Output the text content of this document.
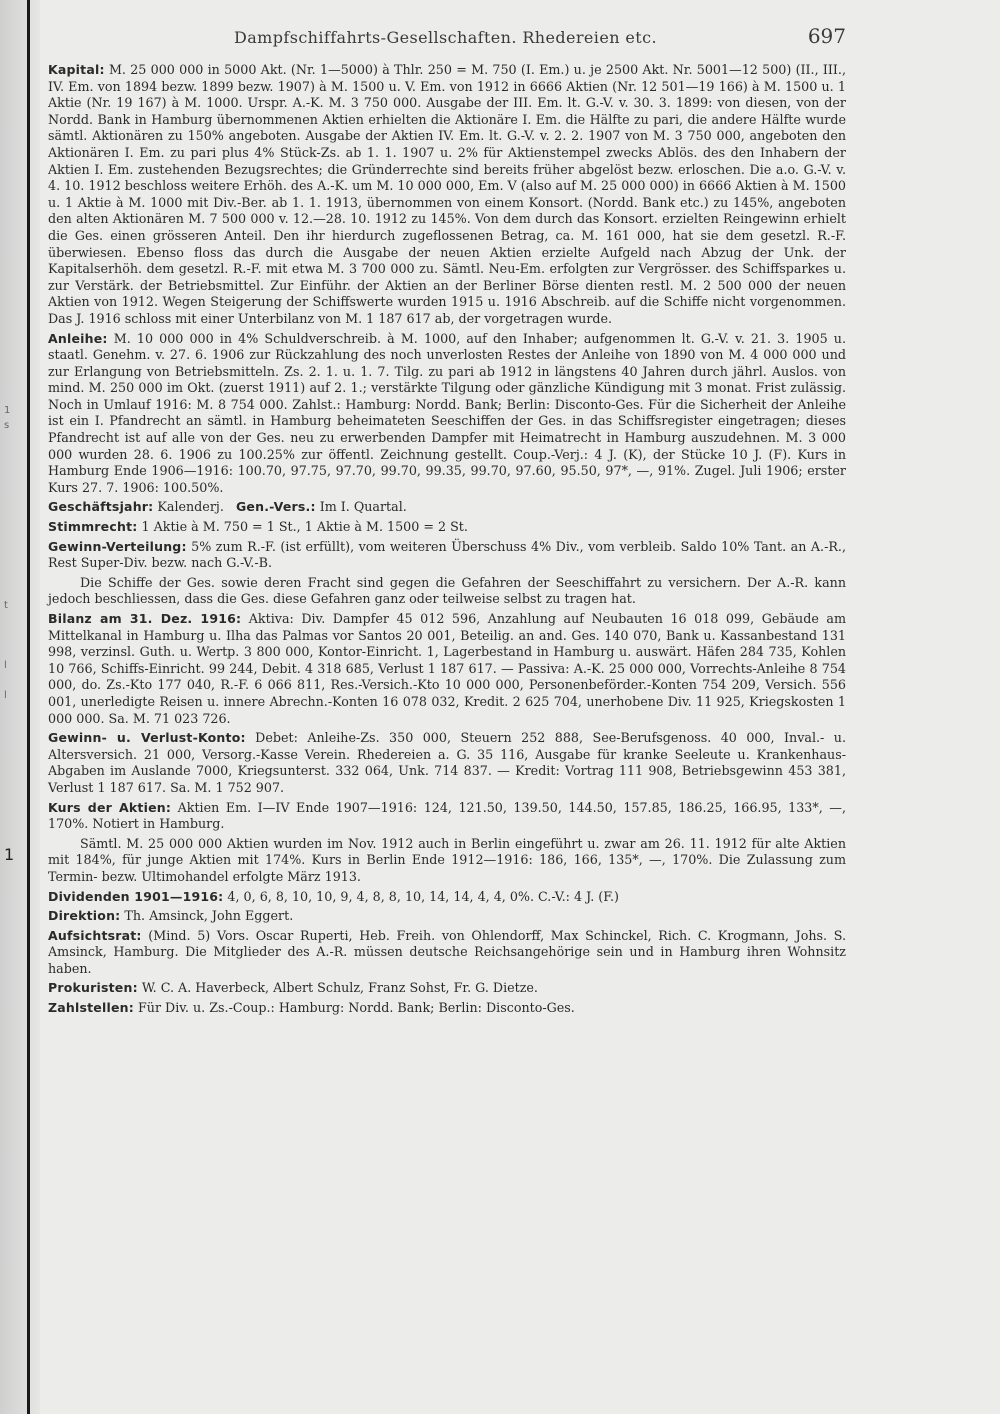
1
s
t
l
l
1
Dampfschiffahrts-Gesellschaften. Rhedereien etc.	697

Kapital: M. 25 000 000 in 5000 Akt. (Nr. 1—5000) à Thlr. 250 = M. 750 (I. Em.) u. je 2500 Akt. Nr. 5001—12 500) (II., III., IV. Em. von 1894 bezw. 1899 bezw. 1907) à M. 1500 u. V. Em. von 1912 in 6666 Aktien (Nr. 12 501—19 166) à M. 1500 u. 1 Aktie (Nr. 19 167) à M. 1000. Urspr. A.-K. M. 3 750 000. Ausgabe der III. Em. lt. G.-V. v. 30. 3. 1899: von diesen, von der Nordd. Bank in Hamburg übernommenen Aktien erhielten die Aktionäre I. Em. die Hälfte zu pari, die andere Hälfte wurde sämtl. Aktionären zu 150% angeboten. Ausgabe der Aktien IV. Em. lt. G.-V. v. 2. 2. 1907 von M. 3 750 000, angeboten den Aktionären I. Em. zu pari plus 4% Stück-Zs. ab 1. 1. 1907 u. 2% für Aktienstempel zwecks Ablös. des den Inhabern der Aktien I. Em. zustehenden Bezugsrechtes; die Gründerrechte sind bereits früher abgelöst bezw. erloschen. Die a.o. G.-V. v. 4. 10. 1912 beschloss weitere Erhöh. des A.-K. um M. 10 000 000, Em. V (also auf M. 25 000 000) in 6666 Aktien à M. 1500 u. 1 Aktie à M. 1000 mit Div.-Ber. ab 1. 1. 1913, übernommen von einem Konsort. (Nordd. Bank etc.) zu 145%, angeboten den alten Aktionären M. 7 500 000 v. 12.—28. 10. 1912 zu 145%. Von dem durch das Konsort. erzielten Reingewinn erhielt die Ges. einen grösseren Anteil. Den ihr hierdurch zugeflossenen Betrag, ca. M. 161 000, hat sie dem gesetzl. R.-F. überwiesen. Ebenso floss das durch die Ausgabe der neuen Aktien erzielte Aufgeld nach Abzug der Unk. der Kapitalserhöh. dem gesetzl. R.-F. mit etwa M. 3 700 000 zu. Sämtl. Neu-Em. erfolgten zur Vergrösser. des Schiffsparkes u. zur Verstärk. der Betriebsmittel. Zur Einführ. der Aktien an der Berliner Börse dienten restl. M. 2 500 000 der neuen Aktien von 1912. Wegen Steigerung der Schiffswerte wurden 1915 u. 1916 Abschreib. auf die Schiffe nicht vorgenommen. Das J. 1916 schloss mit einer Unterbilanz von M. 1 187 617 ab, der vorgetragen wurde.

Anleihe: M. 10 000 000 in 4% Schuldverschreib. à M. 1000, auf den Inhaber; aufgenommen lt. G.-V. v. 21. 3. 1905 u. staatl. Genehm. v. 27. 6. 1906 zur Rückzahlung des noch unverlosten Restes der Anleihe von 1890 von M. 4 000 000 und zur Erlangung von Betriebsmitteln. Zs. 2. 1. u. 1. 7. Tilg. zu pari ab 1912 in längstens 40 Jahren durch jährl. Auslos. von mind. M. 250 000 im Okt. (zuerst 1911) auf 2. 1.; verstärkte Tilgung oder gänzliche Kündigung mit 3 monat. Frist zulässig. Noch in Umlauf 1916: M. 8 754 000. Zahlst.: Hamburg: Nordd. Bank; Berlin: Disconto-Ges. Für die Sicherheit der Anleihe ist ein I. Pfandrecht an sämtl. in Hamburg beheimateten Seeschiffen der Ges. in das Schiffsregister eingetragen; dieses Pfandrecht ist auf alle von der Ges. neu zu erwerbenden Dampfer mit Heimatrecht in Hamburg auszudehnen. M. 3 000 000 wurden 28. 6. 1906 zu 100.25% zur öffentl. Zeichnung gestellt. Coup.-Verj.: 4 J. (K), der Stücke 10 J. (F). Kurs in Hamburg Ende 1906—1916: 100.70, 97.75, 97.70, 99.70, 99.35, 99.70, 97.60, 95.50, 97*, —, 91%. Zugel. Juli 1906; erster Kurs 27. 7. 1906: 100.50%.

Geschäftsjahr: Kalenderj. Gen.-Vers.: Im I. Quartal.

Stimmrecht: 1 Aktie à M. 750 = 1 St., 1 Aktie à M. 1500 = 2 St.

Gewinn-Verteilung: 5% zum R.-F. (ist erfüllt), vom weiteren Überschuss 4% Div., vom verbleib. Saldo 10% Tant. an A.-R., Rest Super-Div. bezw. nach G.-V.-B.

Die Schiffe der Ges. sowie deren Fracht sind gegen die Gefahren der Seeschiffahrt zu versichern. Der A.-R. kann jedoch beschliessen, dass die Ges. diese Gefahren ganz oder teilweise selbst zu tragen hat.

Bilanz am 31. Dez. 1916: Aktiva: Div. Dampfer 45 012 596, Anzahlung auf Neubauten 16 018 099, Gebäude am Mittelkanal in Hamburg u. Ilha das Palmas vor Santos 20 001, Beteilig. an and. Ges. 140 070, Bank u. Kassanbestand 131 998, verzinsl. Guth. u. Wertp. 3 800 000, Kontor-Einricht. 1, Lagerbestand in Hamburg u. auswärt. Häfen 284 735, Kohlen 10 766, Schiffs-Einricht. 99 244, Debit. 4 318 685, Verlust 1 187 617. — Passiva: A.-K. 25 000 000, Vorrechts-Anleihe 8 754 000, do. Zs.-Kto 177 040, R.-F. 6 066 811, Res.-Versich.-Kto 10 000 000, Personenbeförder.-Konten 754 209, Versich. 556 001, unerledigte Reisen u. innere Abrechn.-Konten 16 078 032, Kredit. 2 625 704, unerhobene Div. 11 925, Kriegskosten 1 000 000. Sa. M. 71 023 726.

Gewinn- u. Verlust-Konto: Debet: Anleihe-Zs. 350 000, Steuern 252 888, See-Berufsgenoss. 40 000, Inval.- u. Altersversich. 21 000, Versorg.-Kasse Verein. Rhedereien a. G. 35 116, Ausgabe für kranke Seeleute u. Krankenhaus-Abgaben im Auslande 7000, Kriegsunterst. 332 064, Unk. 714 837. — Kredit: Vortrag 111 908, Betriebsgewinn 453 381, Verlust 1 187 617. Sa. M. 1 752 907.

Kurs der Aktien: Aktien Em. I—IV Ende 1907—1916: 124, 121.50, 139.50, 144.50, 157.85, 186.25, 166.95, 133*, —, 170%. Notiert in Hamburg.

Sämtl. M. 25 000 000 Aktien wurden im Nov. 1912 auch in Berlin eingeführt u. zwar am 26. 11. 1912 für alte Aktien mit 184%, für junge Aktien mit 174%. Kurs in Berlin Ende 1912—1916: 186, 166, 135*, —, 170%. Die Zulassung zum Termin- bezw. Ultimohandel erfolgte März 1913.

Dividenden 1901—1916: 4, 0, 6, 8, 10, 10, 9, 4, 8, 8, 10, 14, 14, 4, 4, 0%. C.-V.: 4 J. (F.)

Direktion: Th. Amsinck, John Eggert.

Aufsichtsrat: (Mind. 5) Vors. Oscar Ruperti, Heb. Freih. von Ohlendorff, Max Schinckel, Rich. C. Krogmann, Johs. S. Amsinck, Hamburg. Die Mitglieder des A.-R. müssen deutsche Reichsangehörige sein und in Hamburg ihren Wohnsitz haben.

Prokuristen: W. C. A. Haverbeck, Albert Schulz, Franz Sohst, Fr. G. Dietze.

Zahlstellen: Für Div. u. Zs.-Coup.: Hamburg: Nordd. Bank; Berlin: Disconto-Ges.
